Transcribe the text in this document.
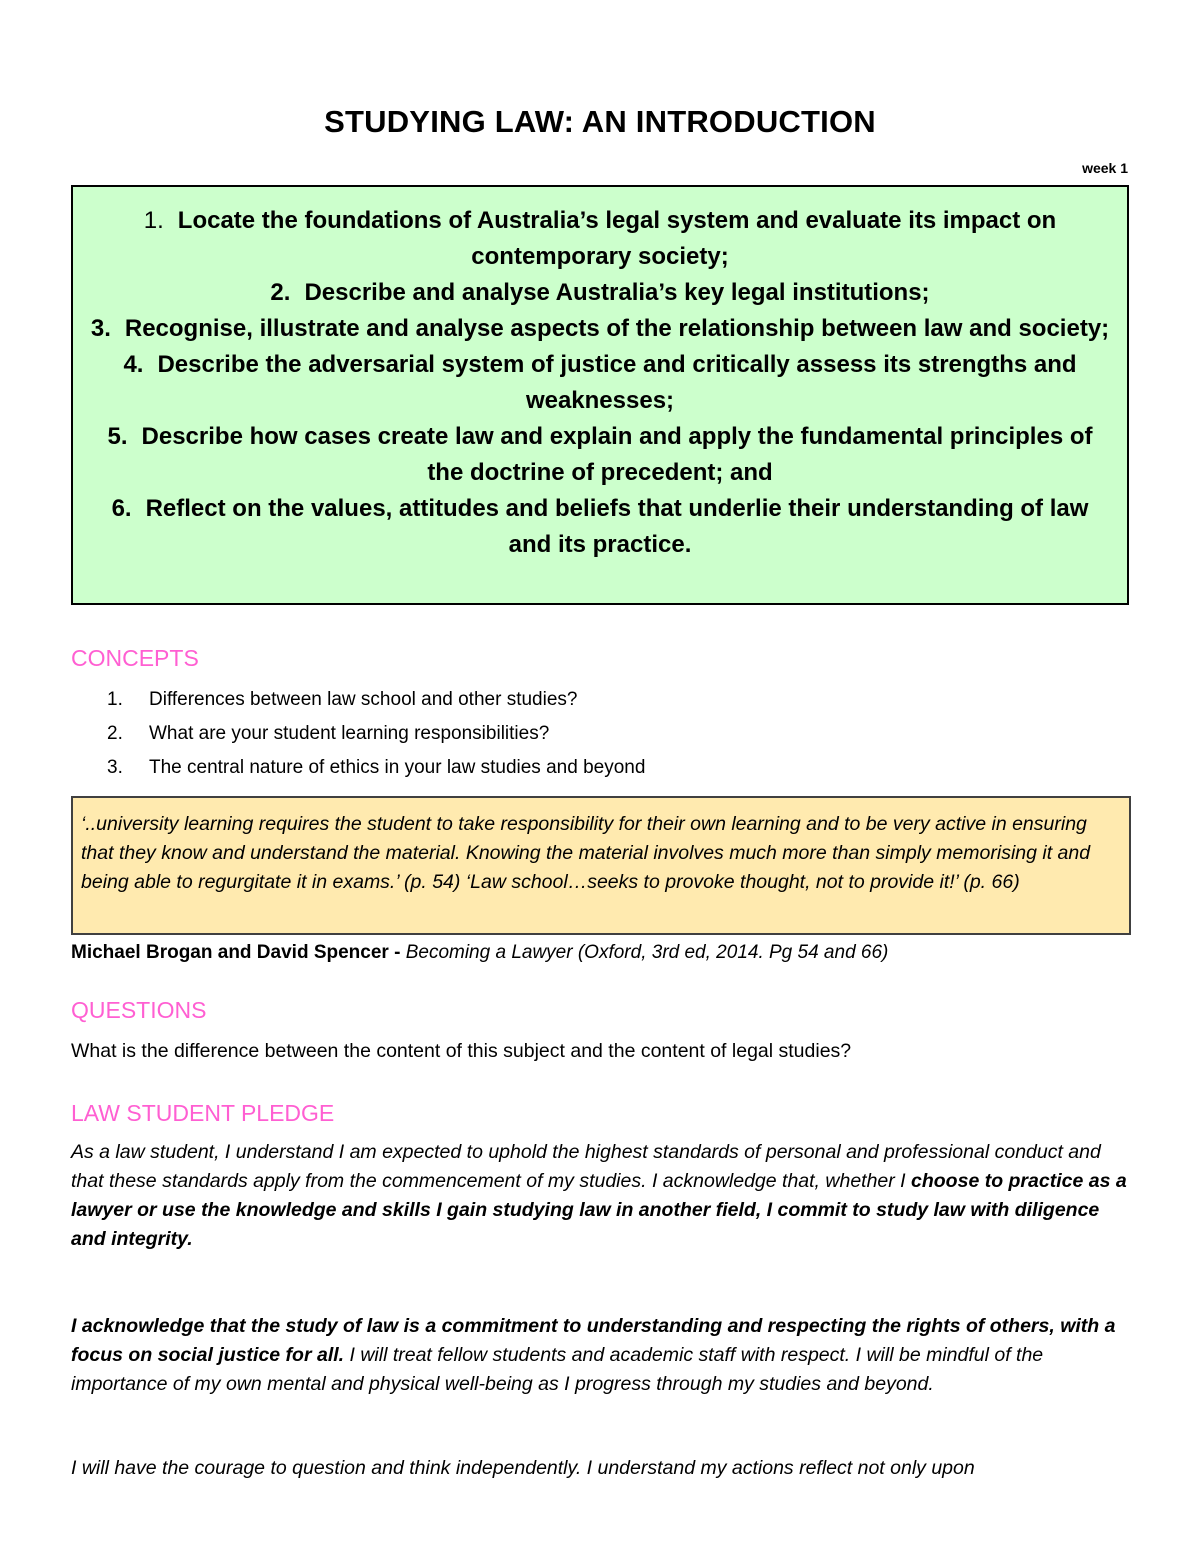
STUDYING LAW: AN INTRODUCTION
week 1
1. Locate the foundations of Australia’s legal system and evaluate its impact on contemporary society;
2. Describe and analyse Australia’s key legal institutions;
3. Recognise, illustrate and analyse aspects of the relationship between law and society;
4. Describe the adversarial system of justice and critically assess its strengths and weaknesses;
5. Describe how cases create law and explain and apply the fundamental principles of the doctrine of precedent; and
6. Reflect on the values, attitudes and beliefs that underlie their understanding of law and its practice.
CONCEPTS
1. Differences between law school and other studies?
2. What are your student learning responsibilities?
3. The central nature of ethics in your law studies and beyond
‘..university learning requires the student to take responsibility for their own learning and to be very active in ensuring that they know and understand the material. Knowing the material involves much more than simply memorising it and being able to regurgitate it in exams.’ (p. 54) ‘Law school…seeks to provoke thought, not to provide it!’ (p. 66)
Michael Brogan and David Spencer - Becoming a Lawyer (Oxford, 3rd ed, 2014. Pg 54 and 66)
QUESTIONS
What is the difference between the content of this subject and the content of legal studies?
LAW STUDENT PLEDGE
As a law student, I understand I am expected to uphold the highest standards of personal and professional conduct and that these standards apply from the commencement of my studies. I acknowledge that, whether I choose to practice as a lawyer or use the knowledge and skills I gain studying law in another field, I commit to study law with diligence and integrity.
I acknowledge that the study of law is a commitment to understanding and respecting the rights of others, with a focus on social justice for all. I will treat fellow students and academic staff with respect. I will be mindful of the importance of my own mental and physical well-being as I progress through my studies and beyond.
I will have the courage to question and think independently. I understand my actions reflect not only upon
